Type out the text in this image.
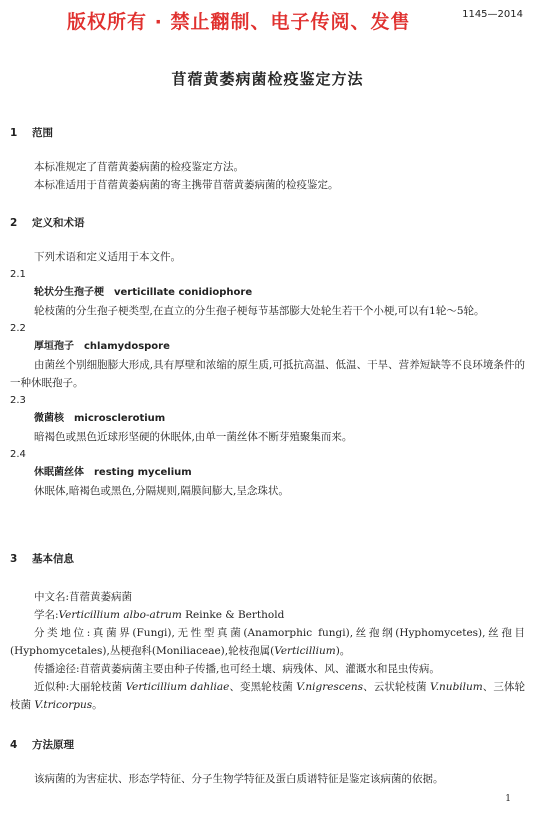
版权所有 · 禁止翻制、电子传阅、发售	1145—2014
苜蓿黄萎病菌检疫鉴定方法
1 范围
本标准规定了苜蓿黄萎病菌的检疫鉴定方法。
本标准适用于苜蓿黄萎病菌的寄主携带苜蓿黄萎病菌的检疫鉴定。
2 定义和术语
下列术语和定义适用于本文件。
2.1
轮状分生孢子梗 verticillate conidiophore
轮枝菌的分生孢子梗类型,在直立的分生孢子梗每节基部膨大处轮生若干个小梗,可以有1轮～5轮。
2.2
厚垣孢子 chlamydospore
由菌丝个别细胞膨大形成,具有厚壁和浓缩的原生质,可抵抗高温、低温、干旱、营养短缺等不良环境条件的一种休眠孢子。
2.3
微菌核 microsclerotium
暗褐色或黑色近球形坚硬的休眠体,由单一菌丝体不断芽殖聚集而来。
2.4
休眠菌丝体 resting mycelium
休眠体,暗褐色或黑色,分隔规则,隔膜间膨大,呈念珠状。
3 基本信息
中文名:苜蓿黄萎病菌
学名:Verticillium albo-atrum Reinke & Berthold
分类地位:真菌界(Fungi),无性型真菌(Anamorphic fungi),丝孢纲(Hyphomycetes),丝孢目(Hyphomycetales),丛梗孢科(Moniliaceae),轮枝孢属(Verticillium)。
传播途径:苜蓿黄萎病菌主要由种子传播,也可经土壤、病残体、风、灌溉水和昆虫传病。
近似种:大丽轮枝菌 Verticillium dahliae、变黑轮枝菌 V.nigrescens、云状轮枝菌 V.nubilum、三体轮枝菌 V.tricorpus。
4 方法原理
该病菌的为害症状、形态学特征、分子生物学特征及蛋白质谱特征是鉴定该病菌的依据。
1
